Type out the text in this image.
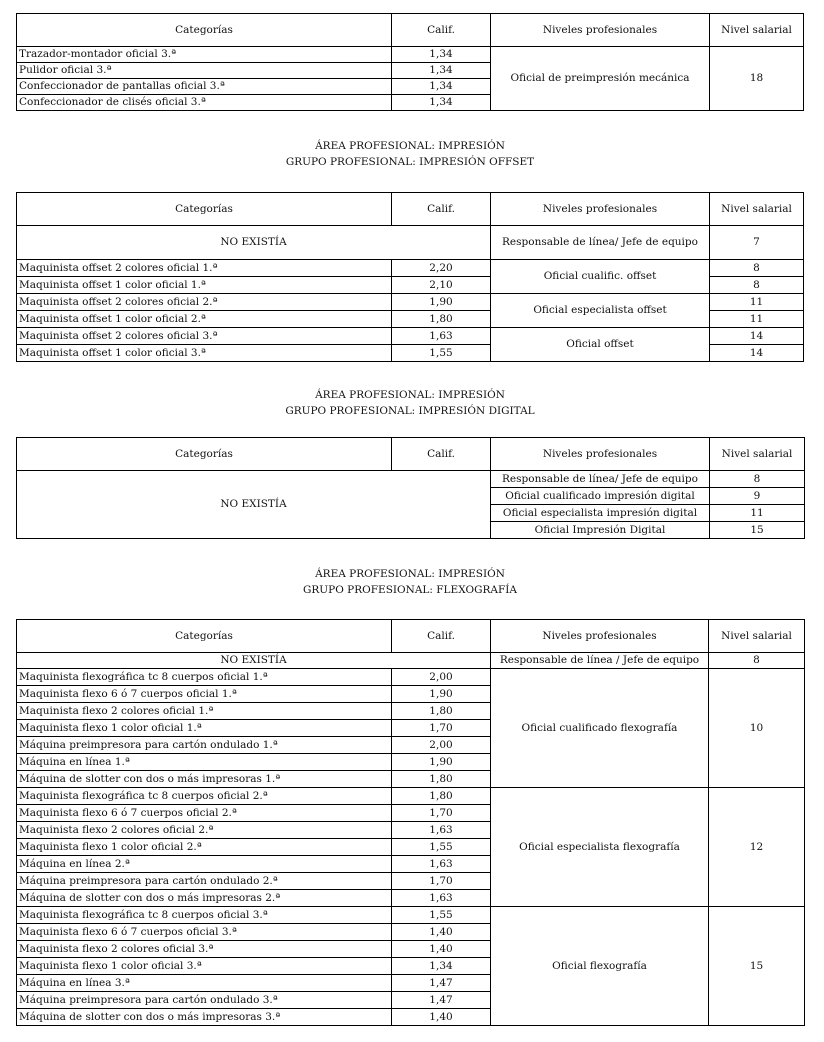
Categorías	Calif.	Niveles profesionales	Nivel salarial
Trazador-montador oficial 3.ª	1,34	Oficial de preimpresión mecánica	18
Pulidor oficial 3.ª	1,34		
Confeccionador de pantallas oficial 3.ª	1,34		
Confeccionador de clisés oficial 3.ª	1,34		
ÁREA PROFESIONAL: IMPRESIÓN
GRUPO PROFESIONAL: IMPRESIÓN OFFSET
Categorías	Calif.	Niveles profesionales	Nivel salarial
NO EXISTÍA		Responsable de línea/ Jefe de equipo	7
Maquinista offset 2 colores oficial 1.ª	2,20	Oficial cualific. offset	8
Maquinista offset 1 color oficial 1.ª	2,10		8
Maquinista offset 2 colores oficial 2.ª	1,90	Oficial especialista offset	11
Maquinista offset 1 color oficial 2.ª	1,80		11
Maquinista offset 2 colores oficial 3.ª	1,63	Oficial offset	14
Maquinista offset 1 color oficial 3.ª	1,55		14
ÁREA PROFESIONAL: IMPRESIÓN
GRUPO PROFESIONAL: IMPRESIÓN DIGITAL
Categorías	Calif.	Niveles profesionales	Nivel salarial
NO EXISTÍA		Responsable de línea/ Jefe de equipo	8
		Oficial cualificado impresión digital	9
		Oficial especialista impresión digital	11
		Oficial Impresión Digital	15
ÁREA PROFESIONAL: IMPRESIÓN
GRUPO PROFESIONAL: FLEXOGRAFÍA
Categorías	Calif.	Niveles profesionales	Nivel salarial
NO EXISTÍA		Responsable de línea / Jefe de equipo	8
Maquinista flexográfica tc 8 cuerpos oficial 1.ª	2,00	Oficial cualificado flexografía	10
Maquinista flexo 6 ó 7 cuerpos oficial 1.ª	1,90		
Maquinista flexo 2 colores oficial 1.ª	1,80		
Maquinista flexo 1 color oficial 1.ª	1,70		
Máquina preimpresora para cartón ondulado 1.ª	2,00		
Máquina en línea 1.ª	1,90		
Máquina de slotter con dos o más impresoras 1.ª	1,80		
Maquinista flexográfica tc 8 cuerpos oficial 2.ª	1,80	Oficial especialista flexografía	12
Maquinista flexo 6 ó 7 cuerpos oficial 2.ª	1,70		
Maquinista flexo 2 colores oficial 2.ª	1,63		
Maquinista flexo 1 color oficial 2.ª	1,55		
Máquina en línea 2.ª	1,63		
Máquina preimpresora para cartón ondulado 2.ª	1,70		
Máquina de slotter con dos o más impresoras 2.ª	1,63		
Maquinista flexográfica tc 8 cuerpos oficial 3.ª	1,55	Oficial flexografía	15
Maquinista flexo 6 ó 7 cuerpos oficial 3.ª	1,40		
Maquinista flexo 2 colores oficial 3.ª	1,40		
Maquinista flexo 1 color oficial 3.ª	1,34		
Máquina en línea 3.ª	1,47		
Máquina preimpresora para cartón ondulado 3.ª	1,47		
Máquina de slotter con dos o más impresoras 3.ª	1,40		
